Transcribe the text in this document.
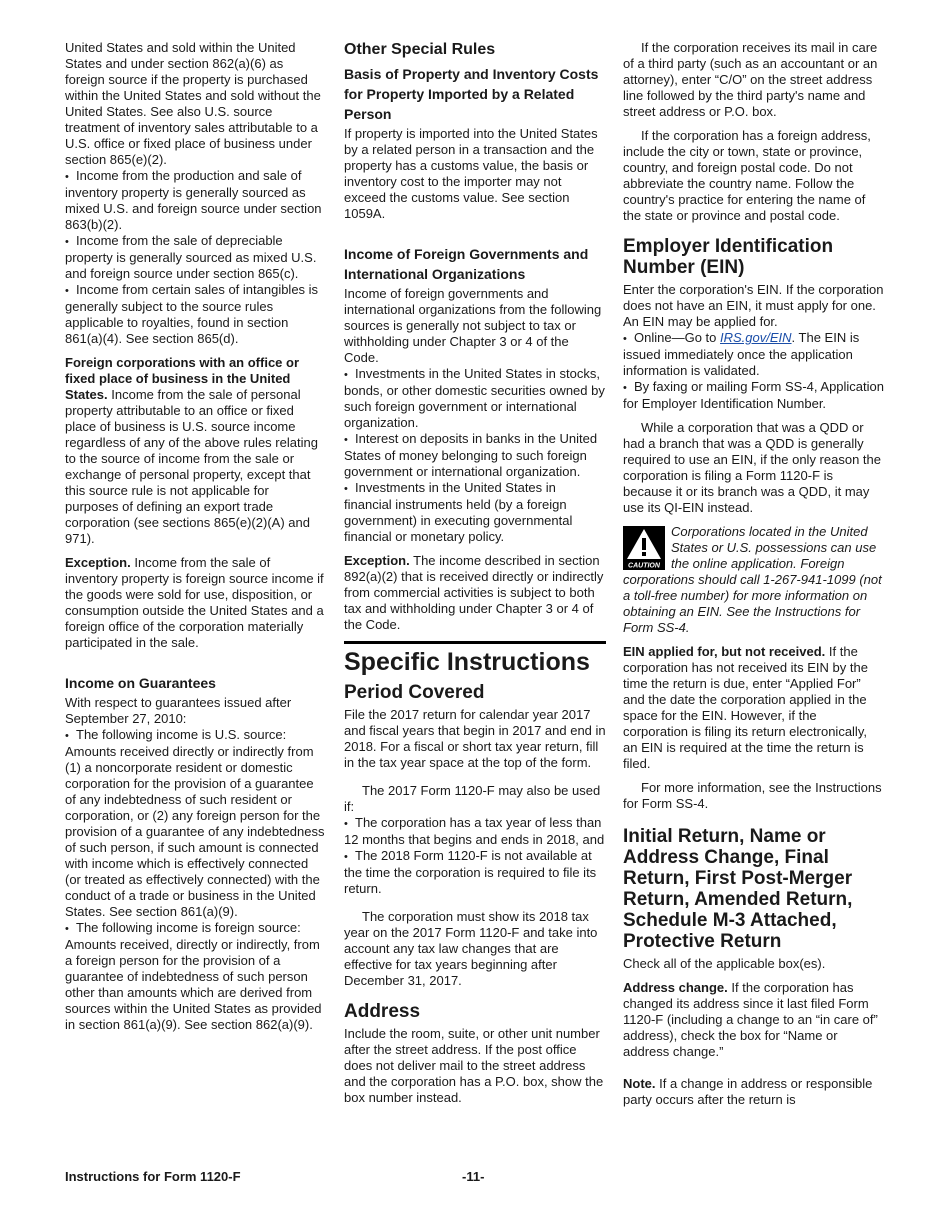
United States and sold within the United States and under section 862(a)(6) as foreign source if the property is purchased within the United States and sold without the United States. See also U.S. source treatment of inventory sales attributable to a U.S. office or fixed place of business under section 865(e)(2).

• Income from the production and sale of inventory property is generally sourced as mixed U.S. and foreign source under section 863(b)(2).

• Income from the sale of depreciable property is generally sourced as mixed U.S. and foreign source under section 865(c).

• Income from certain sales of intangibles is generally subject to the source rules applicable to royalties, found in section 861(a)(4). See section 865(d).

Foreign corporations with an office or fixed place of business in the United States. Income from the sale of personal property attributable to an office or fixed place of business is U.S. source income regardless of any of the above rules relating to the source of income from the sale or exchange of personal property, except that this source rule is not applicable for purposes of defining an export trade corporation (see sections 865(e)(2)(A) and 971).

Exception. Income from the sale of inventory property is foreign source income if the goods were sold for use, disposition, or consumption outside the United States and a foreign office of the corporation materially participated in the sale.

Income on Guarantees

With respect to guarantees issued after September 27, 2010:

• The following income is U.S. source: Amounts received directly or indirectly from (1) a noncorporate resident or domestic corporation for the provision of a guarantee of any indebtedness of such resident or corporation, or (2) any foreign person for the provision of a guarantee of any indebtedness of such person, if such amount is connected with income which is effectively connected (or treated as effectively connected) with the conduct of a trade or business in the United States. See section 861(a)(9).

• The following income is foreign source: Amounts received, directly or indirectly, from a foreign person for the provision of a guarantee of indebtedness of such person other than amounts which are derived from sources within the United States as provided in section 861(a)(9). See section 862(a)(9).

Other Special Rules
Basis of Property and Inventory Costs for Property Imported by a Related Person

If property is imported into the United States by a related person in a transaction and the property has a customs value, the basis or inventory cost to the importer may not exceed the customs value. See section 1059A.

Income of Foreign Governments and International Organizations

Income of foreign governments and international organizations from the following sources is generally not subject to tax or withholding under Chapter 3 or 4 of the Code.

• Investments in the United States in stocks, bonds, or other domestic securities owned by such foreign government or international organization.

• Interest on deposits in banks in the United States of money belonging to such foreign government or international organization.

• Investments in the United States in financial instruments held (by a foreign government) in executing governmental financial or monetary policy.

Exception. The income described in section 892(a)(2) that is received directly or indirectly from commercial activities is subject to both tax and withholding under Chapter 3 or 4 of the Code.

Specific Instructions
Period Covered

File the 2017 return for calendar year 2017 and fiscal years that begin in 2017 and end in 2018. For a fiscal or short tax year return, fill in the tax year space at the top of the form.

The 2017 Form 1120-F may also be used if:

• The corporation has a tax year of less than 12 months that begins and ends in 2018, and

• The 2018 Form 1120-F is not available at the time the corporation is required to file its return.

The corporation must show its 2018 tax year on the 2017 Form 1120-F and take into account any tax law changes that are effective for tax years beginning after December 31, 2017.

Address

Include the room, suite, or other unit number after the street address. If the post office does not deliver mail to the street address and the corporation has a P.O. box, show the box number instead.

If the corporation receives its mail in care of a third party (such as an accountant or an attorney), enter “C/O” on the street address line followed by the third party's name and street address or P.O. box.

If the corporation has a foreign address, include the city or town, state or province, country, and foreign postal code. Do not abbreviate the country name. Follow the country's practice for entering the name of the state or province and postal code.

Employer Identification Number (EIN)

Enter the corporation's EIN. If the corporation does not have an EIN, it must apply for one. An EIN may be applied for.

• Online—Go to IRS.gov/EIN. The EIN is issued immediately once the application information is validated.

• By faxing or mailing Form SS-4, Application for Employer Identification Number.

While a corporation that was a QDD or had a branch that was a QDD is generally required to use an EIN, if the only reason the corporation is filing a Form 1120-F is because it or its branch was a QDD, it may use its QI-EIN instead.

CAUTION
Corporations located in the United States or U.S. possessions can use the online application. Foreign corporations should call 1-267-941-1099 (not a toll-free number) for more information on obtaining an EIN. See the Instructions for Form SS-4.

EIN applied for, but not received. If the corporation has not received its EIN by the time the return is due, enter “Applied For” and the date the corporation applied in the space for the EIN. However, if the corporation is filing its return electronically, an EIN is required at the time the return is filed.

For more information, see the Instructions for Form SS-4.

Initial Return, Name or Address Change, Final Return, First Post-Merger Return, Amended Return, Schedule M-3 Attached, Protective Return

Check all of the applicable box(es).

Address change. If the corporation has changed its address since it last filed Form 1120-F (including a change to an “in care of” address), check the box for “Name or address change.”

Note. If a change in address or responsible party occurs after the return is

Instructions for Form 1120-F	-11-
